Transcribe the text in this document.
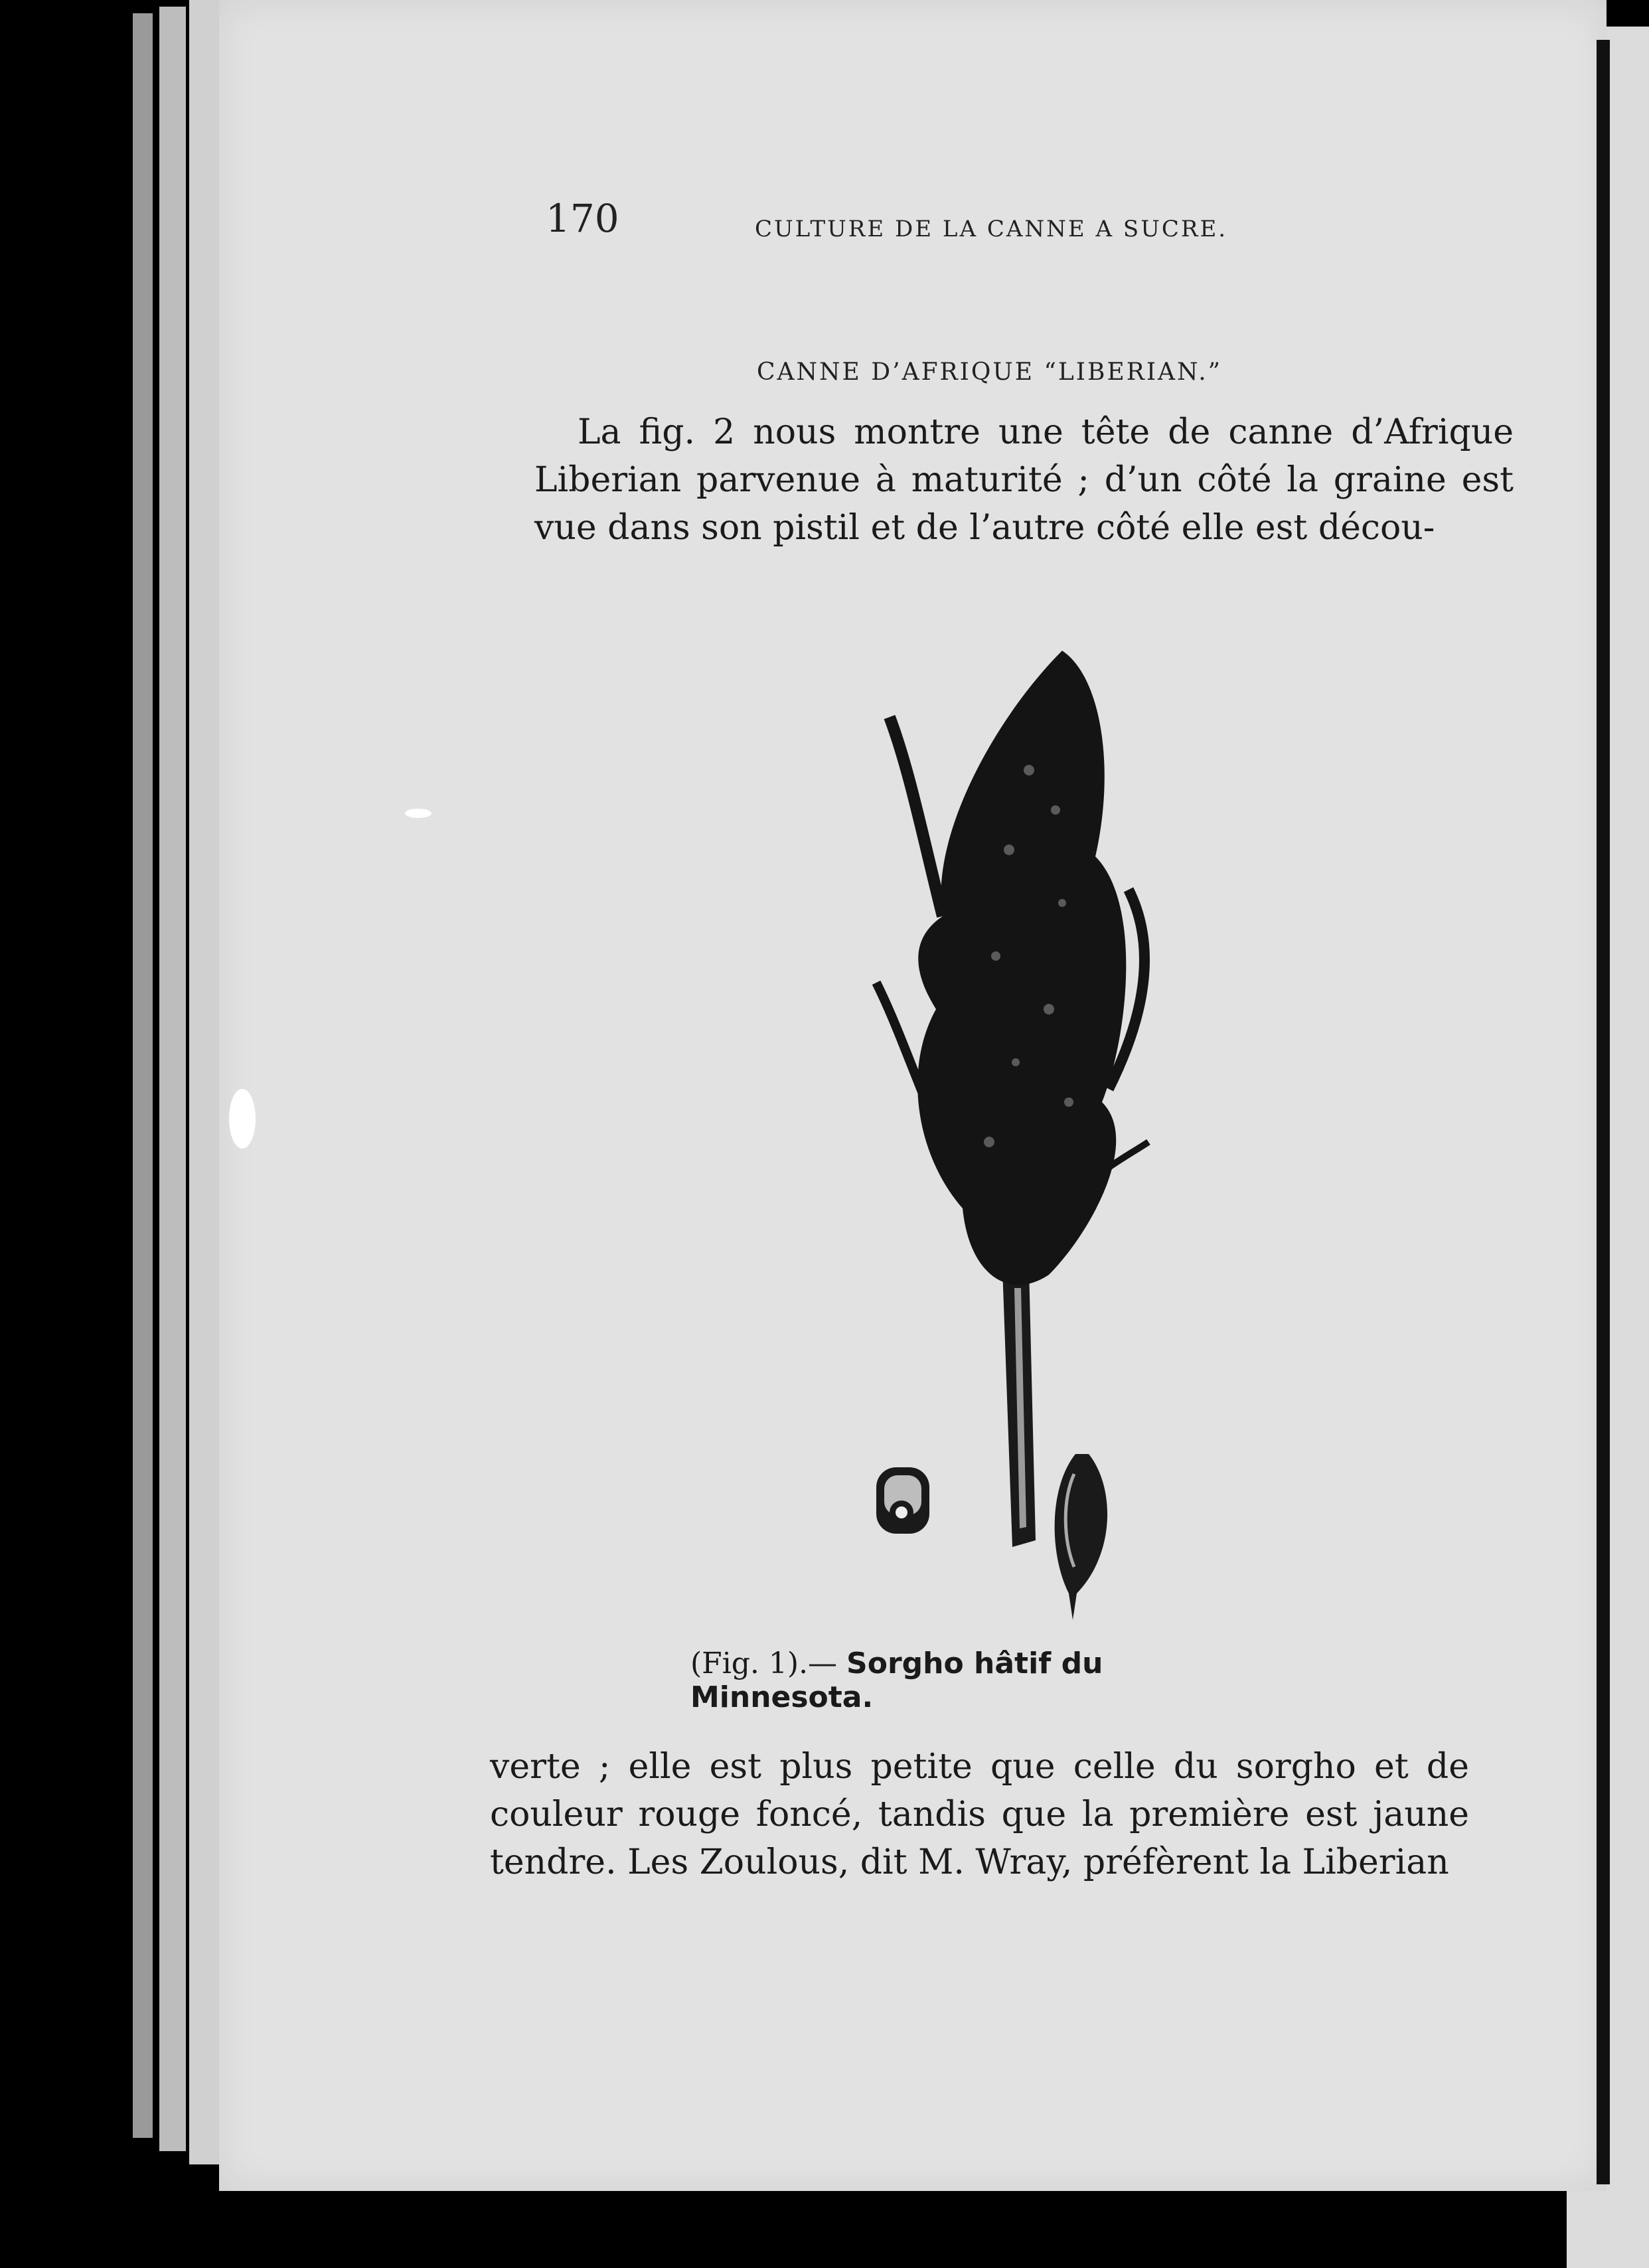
170	CULTURE DE LA CANNE A SUCRE.
CANNE D’AFRIQUE “LIBERIAN.”
La fig. 2 nous montre une tête de canne d’Afrique Liberian parvenue à maturité ; d’un côté la graine est vue dans son pistil et de l’autre côté elle est décou-
(Fig. 1).— Sorgho hâtif du Minnesota.
verte ; elle est plus petite que celle du sorgho et de couleur rouge foncé, tandis que la première est jaune tendre. Les Zoulous, dit M. Wray, préfèrent la Liberian
